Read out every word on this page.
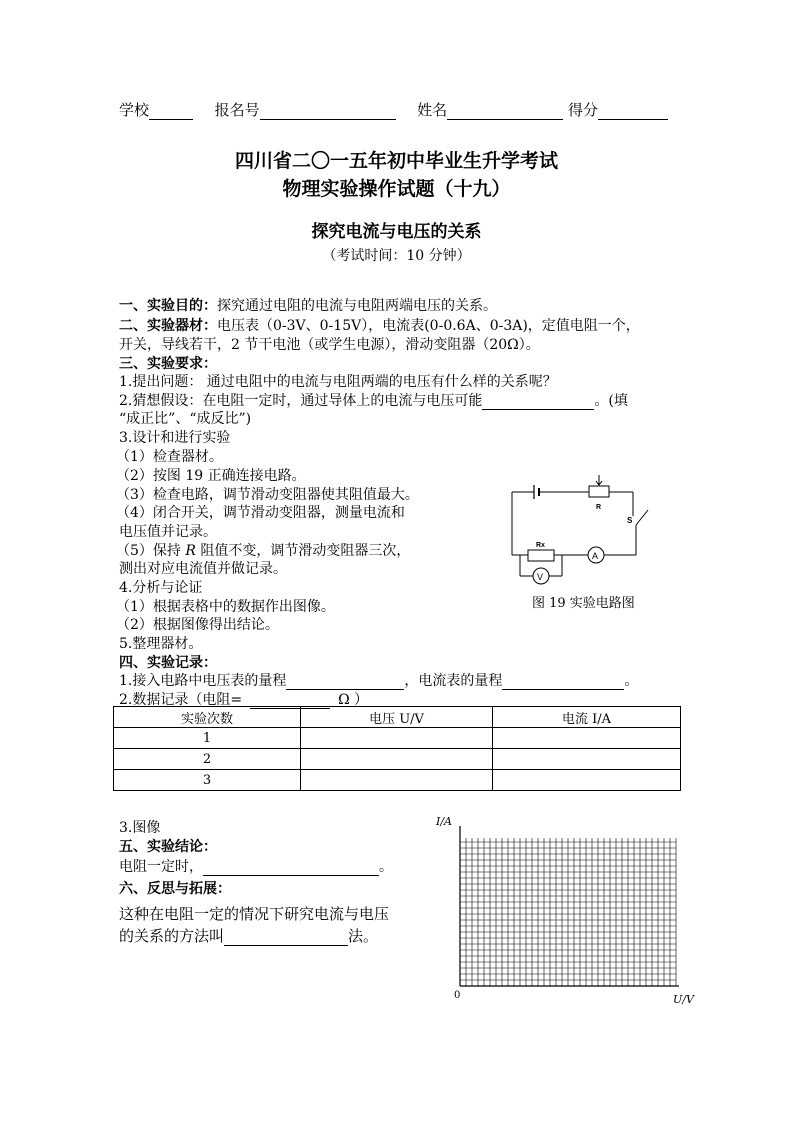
学校	报名号	姓名	得分
四川省二〇一五年初中毕业生升学考试
物理实验操作试题（十九）
探究电流与电压的关系
（考试时间：10 分钟）
一、实验目的：探究通过电阻的电流与电阻两端电压的关系。
二、实验器材：电压表（0-3V、0-15V），电流表(0-0.6A、0-3A)，定值电阻一个，
开关，导线若干，2 节干电池（或学生电源），滑动变阻器（20Ω）。
三、实验要求：
1.提出问题： 通过电阻中的电流与电阻两端的电压有什么样的关系呢？
2.猜想假设：在电阻一定时，通过导体上的电流与电压可能	。(填
“成正比”、“成反比”)
3.设计和进行实验
（1）检查器材。
（2）按图 19 正确连接电路。
（3）检查电路，调节滑动变阻器使其阻值最大。
（4）闭合开关，调节滑动变阻器，测量电流和
电压值并记录。
（5）保持 R 阻值不变，调节滑动变阻器三次，
测出对应电流值并做记录。
4.分析与论证
（1）根据表格中的数据作出图像。
（2）根据图像得出结论。
5.整理器材。
R
Rx
S
A
V
图 19 实验电路图
四、实验记录：
1.接入电路中电压表的量程	，电流表的量程	。
2.数据记录（电阻=	Ω ）
实验次数	电压 U/V	电流 I/A
1		
2		
3		
3.图像
五、实验结论：
电阻一定时，	。
六、反思与拓展：
这种在电阻一定的情况下研究电流与电压
的关系的方法叫	法。
I/A
U/V
0
